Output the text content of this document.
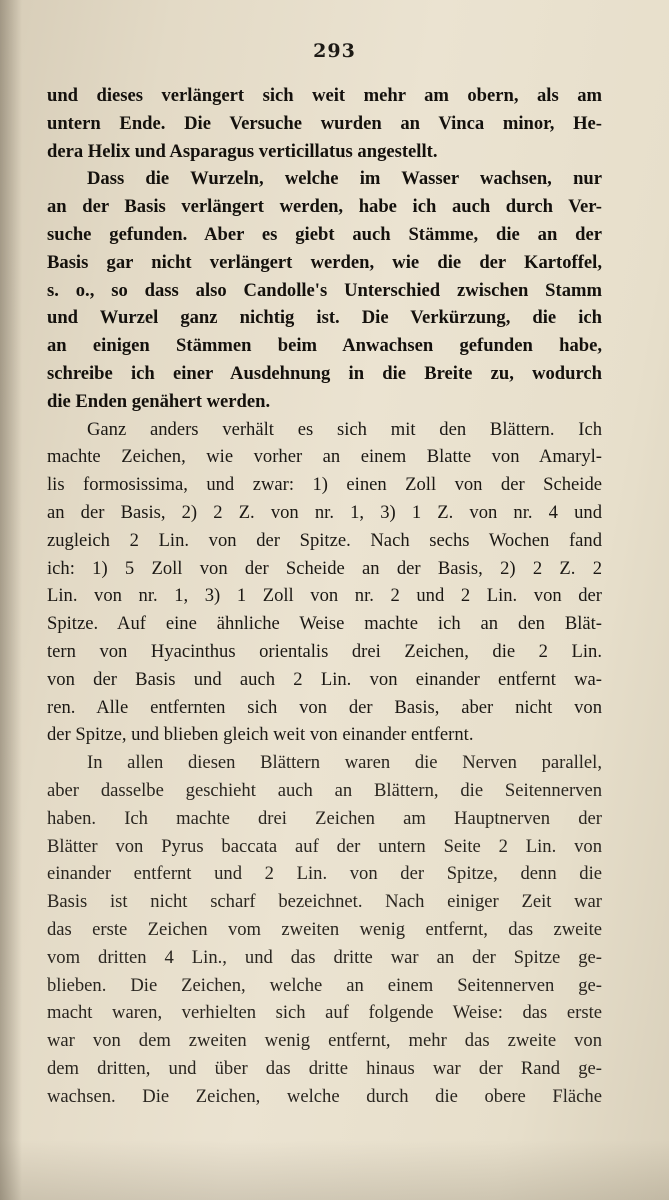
293
und dieses verlängert sich weit mehr am obern, als am
untern Ende. Die Versuche wurden an Vinca minor, He-
dera Helix und Asparagus verticillatus angestellt.
Dass die Wurzeln, welche im Wasser wachsen, nur
an der Basis verlängert werden, habe ich auch durch Ver-
suche gefunden. Aber es giebt auch Stämme, die an der
Basis gar nicht verlängert werden, wie die der Kartoffel,
s. o., so dass also Candolle's Unterschied zwischen Stamm
und Wurzel ganz nichtig ist. Die Verkürzung, die ich
an einigen Stämmen beim Anwachsen gefunden habe,
schreibe ich einer Ausdehnung in die Breite zu, wodurch
die Enden genähert werden.
Ganz anders verhält es sich mit den Blättern. Ich
machte Zeichen, wie vorher an einem Blatte von Amaryl-
lis formosissima, und zwar: 1) einen Zoll von der Scheide
an der Basis, 2) 2 Z. von nr. 1, 3) 1 Z. von nr. 4 und
zugleich 2 Lin. von der Spitze. Nach sechs Wochen fand
ich: 1) 5 Zoll von der Scheide an der Basis, 2) 2 Z. 2
Lin. von nr. 1, 3) 1 Zoll von nr. 2 und 2 Lin. von der
Spitze. Auf eine ähnliche Weise machte ich an den Blät-
tern von Hyacinthus orientalis drei Zeichen, die 2 Lin.
von der Basis und auch 2 Lin. von einander entfernt wa-
ren. Alle entfernten sich von der Basis, aber nicht von
der Spitze, und blieben gleich weit von einander entfernt.
In allen diesen Blättern waren die Nerven parallel,
aber dasselbe geschieht auch an Blättern, die Seitennerven
haben. Ich machte drei Zeichen am Hauptnerven der
Blätter von Pyrus baccata auf der untern Seite 2 Lin. von
einander entfernt und 2 Lin. von der Spitze, denn die
Basis ist nicht scharf bezeichnet. Nach einiger Zeit war
das erste Zeichen vom zweiten wenig entfernt, das zweite
vom dritten 4 Lin., und das dritte war an der Spitze ge-
blieben. Die Zeichen, welche an einem Seitennerven ge-
macht waren, verhielten sich auf folgende Weise: das erste
war von dem zweiten wenig entfernt, mehr das zweite von
dem dritten, und über das dritte hinaus war der Rand ge-
wachsen. Die Zeichen, welche durch die obere Fläche
